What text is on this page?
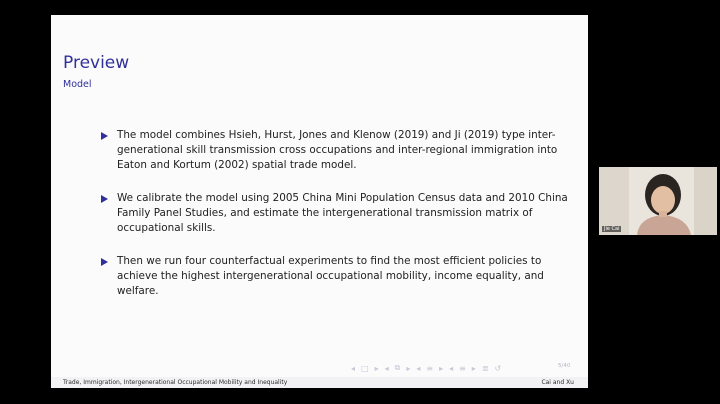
Preview
Model
The model combines Hsieh, Hurst, Jones and Klenow (2019) and Ji (2019) type inter-generational skill transmission cross occupations and inter-regional immigration into Eaton and Kortum (2002) spatial trade model.
We calibrate the model using 2005 China Mini Population Census data and 2010 China Family Panel Studies, and estimate the intergenerational transmission matrix of occupational skills.
Then we run four counterfactual experiments to find the most efficient policies to achieve the highest intergenerational occupational mobility, income equality, and welfare.
◂ □ ▸ ◂ ⧉ ▸ ◂ ≡ ▸ ◂ ≡ ▸ ≣ ↺	5/40
Trade, Immigration, Intergenerational Occupational Mobility and Inequality	Cai and Xu
Jie Cai
